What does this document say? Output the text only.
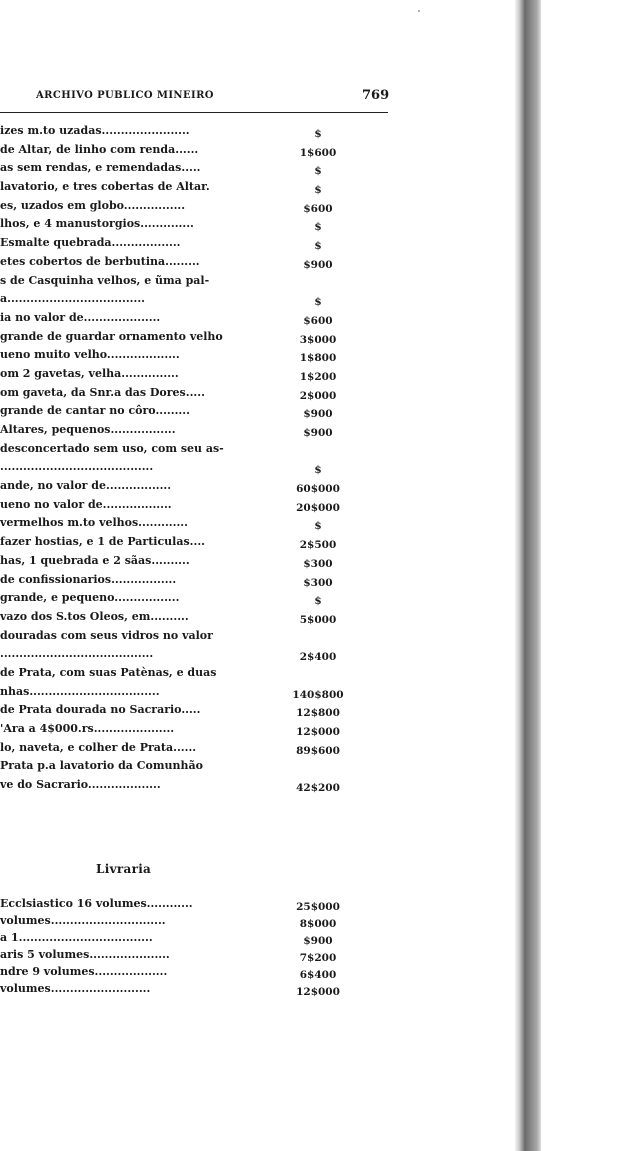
ARCHIVO PUBLICO MINEIRO	769
izes m.to uzadas.......................	$
de Altar, de linho com renda......	1$600
as sem rendas, e remendadas.....	$
lavatorio, e tres cobertas de Altar.	$
es, uzados em globo................	$600
lhos, e 4 manustorgios..............	$
Esmalte quebrada..................	$
etes cobertos de berbutina.........	$900
s de Casquinha velhos, e ũma pal-
a....................................	$
ia no valor de....................	$600
grande de guardar ornamento velho	3$000
ueno muito velho...................	1$800
om 2 gavetas, velha...............	1$200
om gaveta, da Snr.a das Dores.....	2$000
grande de cantar no côro.........	$900
Altares, pequenos.................	$900
desconcertado sem uso, com seu as-
........................................	$
ande, no valor de.................	60$000
ueno no valor de..................	20$000
vermelhos m.to velhos.............	$
fazer hostias, e 1 de Particulas....	2$500
has, 1 quebrada e 2 sãas..........	$300
de confissionarios.................	$300
grande, e pequeno.................	$
vazo dos S.tos Oleos, em..........	5$000
douradas com seus vidros no valor
........................................	2$400
de Prata, com suas Patènas, e duas
nhas..................................	140$800
de Prata dourada no Sacrario.....	12$800
'Ara a 4$000.rs.....................	12$000
lo, naveta, e colher de Prata......	89$600
Prata p.a lavatorio da Comunhão
ve do Sacrario...................	42$200
Livraria
Ecclsiastico 16 volumes............	25$000
volumes..............................	8$000
a 1...................................	$900
aris 5 volumes.....................	7$200
ndre 9 volumes...................	6$400
volumes..........................	12$000
